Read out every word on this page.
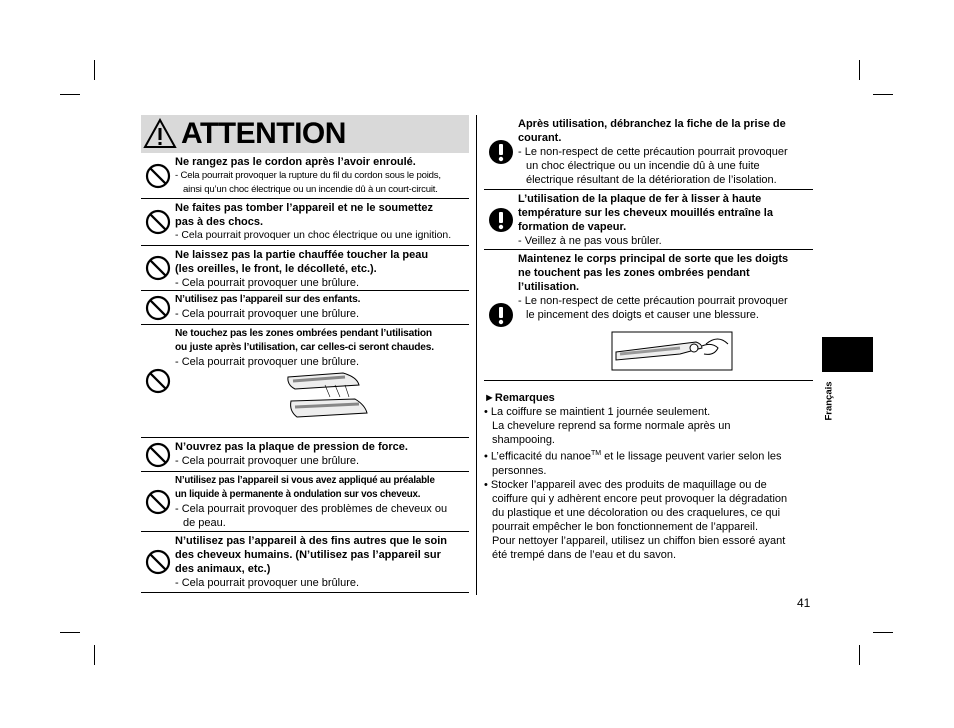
ATTENTION
Ne rangez pas le cordon après l’avoir enroulé.
- Cela pourrait provoquer la rupture du fil du cordon sous le poids,
ainsi qu’un choc électrique ou un incendie dû à un court-circuit.
Ne faites pas tomber l’appareil et ne le soumettez
pas à des chocs.
- Cela pourrait provoquer un choc électrique ou une ignition.
Ne laissez pas la partie chauffée toucher la peau
(les oreilles, le front, le décolleté, etc.).
- Cela pourrait provoquer une brûlure.
N’utilisez pas l’appareil sur des enfants.
- Cela pourrait provoquer une brûlure.
Ne touchez pas les zones ombrées pendant l’utilisation
ou juste après l’utilisation, car celles-ci seront chaudes.
- Cela pourrait provoquer une brûlure.
N’ouvrez pas la plaque de pression de force.
- Cela pourrait provoquer une brûlure.
N’utilisez pas l’appareil si vous avez appliqué au préalable
un liquide à permanente à ondulation sur vos cheveux.
- Cela pourrait provoquer des problèmes de cheveux ou
de peau.
N’utilisez pas l’appareil à des fins autres que le soin
des cheveux humains. (N’utilisez pas l’appareil sur
des animaux, etc.)
- Cela pourrait provoquer une brûlure.
Après utilisation, débranchez la fiche de la prise de
courant.
- Le non-respect de cette précaution pourrait provoquer
un choc électrique ou un incendie dû à une fuite
électrique résultant de la détérioration de l’isolation.
L’utilisation de la plaque de fer à lisser à haute
température sur les cheveux mouillés entraîne la
formation de vapeur.
- Veillez à ne pas vous brûler.
Maintenez le corps principal de sorte que les doigts
ne touchent pas les zones ombrées pendant
l’utilisation.
- Le non-respect de cette précaution pourrait provoquer
le pincement des doigts et causer une blessure.
►Remarques
• La coiffure se maintient 1 journée seulement.
La chevelure reprend sa forme normale après un
shampooing.
• L’efficacité du nanoe™ et le lissage peuvent varier selon les
personnes.
• Stocker l’appareil avec des produits de maquillage ou de
coiffure qui y adhèrent encore peut provoquer la dégradation
du plastique et une décoloration ou des craquelures, ce qui
pourrait empêcher le bon fonctionnement de l’appareil.
Pour nettoyer l’appareil, utilisez un chiffon bien essoré ayant
été trempé dans de l’eau et du savon.
Français
41
